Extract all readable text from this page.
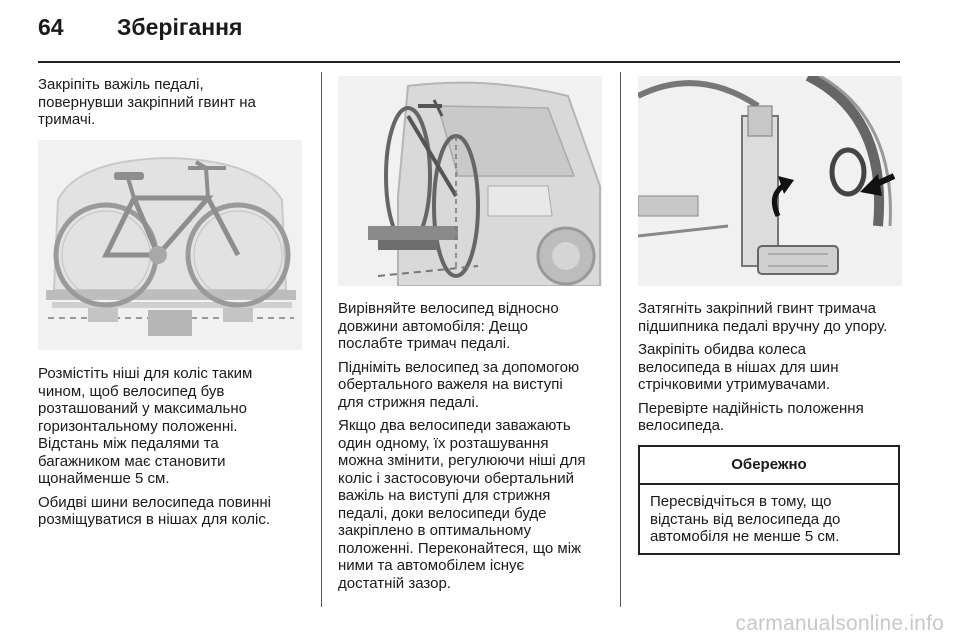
64 Зберігання

Закріпіть важіль педалі,
повернувши закріпний гвинт на
тримачі.

Розмістіть ніші для коліс таким
чином, щоб велосипед був
розташований у максимально
горизонтальному положенні.
Відстань між педалями та
багажником має становити
щонайменше 5 см.

Обидві шини велосипеда повинні
розміщуватися в нішах для коліс.

Вирівняйте велосипед відносно
довжини автомобіля: Дещо
послабте тримач педалі.

Підніміть велосипед за допомогою
обертального важеля на виступі
для стрижня педалі.

Якщо два велосипеди заважають
один одному, їх розташування
можна змінити, регулюючи ніші для
коліс і застосовуючи обертальний
важіль на виступі для стрижня
педалі, доки велосипеди буде
закріплено в оптимальному
положенні. Переконайтеся, що між
ними та автомобілем існує
достатній зазор.

Затягніть закріпний гвинт тримача
підшипника педалі вручну до упору.

Закріпіть обидва колеса
велосипеда в нішах для шин
стрічковими утримувачами.

Перевірте надійність положення
велосипеда.

Обережно
Пересвідчіться в тому, що
відстань від велосипеда до
автомобіля не менше 5 см.
carmanualsonline.info
